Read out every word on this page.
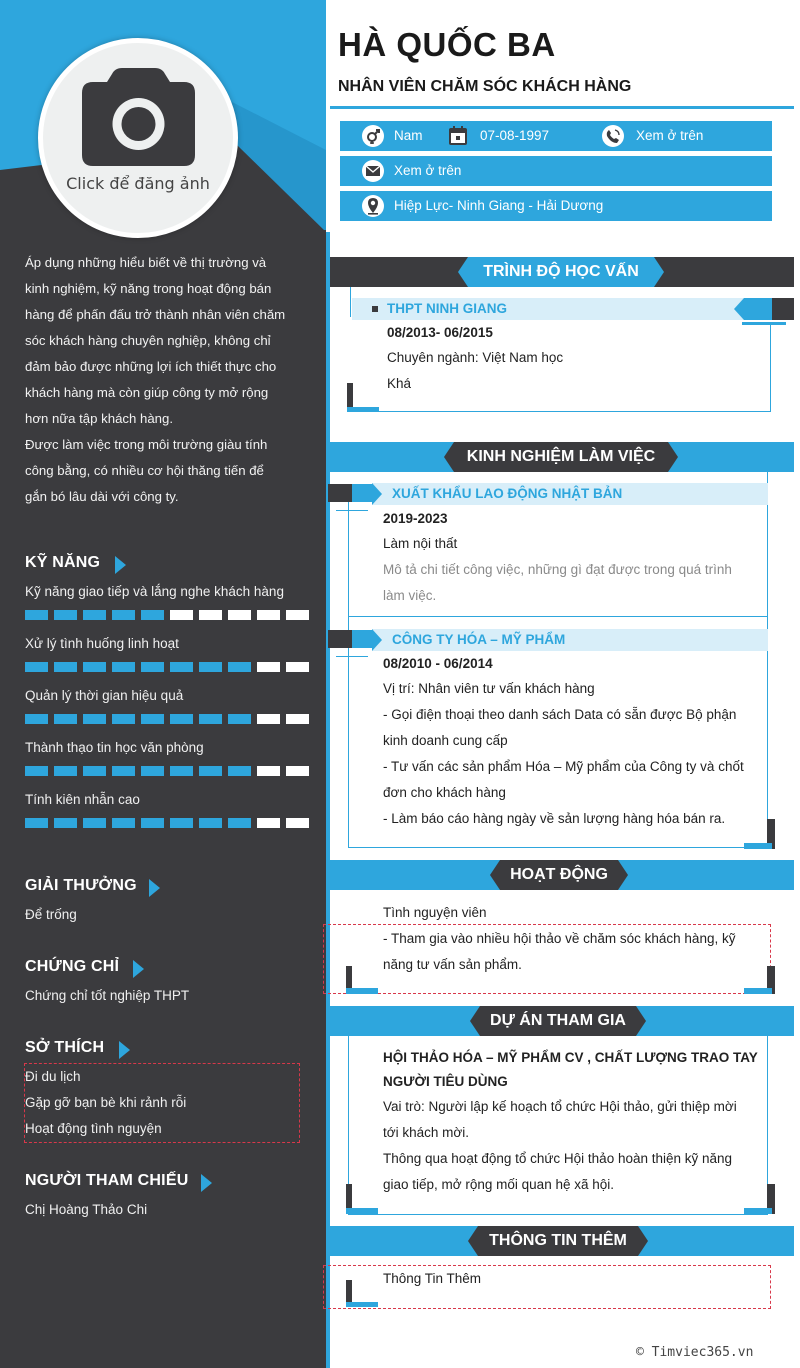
Click để đăng ảnh
Áp dụng những hiểu biết về thị trường và
kinh nghiệm, kỹ năng trong hoạt động bán
hàng để phấn đấu trở thành nhân viên chăm
sóc khách hàng chuyên nghiệp, không chỉ
đảm bảo được những lợi ích thiết thực cho
khách hàng mà còn giúp công ty mở rộng
hơn nữa tập khách hàng.
Được làm việc trong môi trường giàu tính
công bằng, có nhiều cơ hội thăng tiến để
gắn bó lâu dài với công ty.
KỸ NĂNG
Kỹ năng giao tiếp và lắng nghe khách hàng
Xử lý tình huống linh hoạt
Quản lý thời gian hiệu quả
Thành thạo tin học văn phòng
Tính kiên nhẫn cao
GIẢI THƯỞNG
Để trống
CHỨNG CHỈ
Chứng chỉ tốt nghiệp THPT
SỞ THÍCH
Đi du lịch
Gặp gỡ bạn bè khi rảnh rỗi
Hoạt động tình nguyện
NGƯỜI THAM CHIẾU
Chị Hoàng Thảo Chi
HÀ QUỐC BA
NHÂN VIÊN CHĂM SÓC KHÁCH HÀNG
Nam	07-08-1997	Xem ở trên
Xem ở trên
Hiệp Lực- Ninh Giang - Hải Dương
TRÌNH ĐỘ HỌC VẤN
THPT NINH GIANG
08/2013- 06/2015
Chuyên ngành: Việt Nam học
Khá
KINH NGHIỆM LÀM VIỆC
XUẤT KHẨU LAO ĐỘNG NHẬT BẢN
2019-2023
Làm nội thất
Mô tả chi tiết công việc, những gì đạt được trong quá trình
làm việc.
CÔNG TY HÓA – MỸ PHẨM
08/2010 - 06/2014
Vị trí: Nhân viên tư vấn khách hàng
- Gọi điện thoại theo danh sách Data có sẵn được Bộ phận
kinh doanh cung cấp
- Tư vấn các sản phẩm Hóa – Mỹ phẩm của Công ty và chốt
đơn cho khách hàng
- Làm báo cáo hàng ngày về sản lượng hàng hóa bán ra.
HOẠT ĐỘNG
Tình nguyện viên
- Tham gia vào nhiều hội thảo về chăm sóc khách hàng, kỹ
năng tư vấn sản phẩm.
DỰ ÁN THAM GIA
HỘI THẢO HÓA – MỸ PHẨM CV , CHẤT LƯỢNG TRAO TAY
NGƯỜI TIÊU DÙNG
Vai trò: Người lập kế hoạch tổ chức Hội thảo, gửi thiệp mời
tới khách mời.
Thông qua hoạt động tổ chức Hội thảo hoàn thiện kỹ năng
giao tiếp, mở rộng mối quan hệ xã hội.
THÔNG TIN THÊM
Thông Tin Thêm
© Timviec365.vn
